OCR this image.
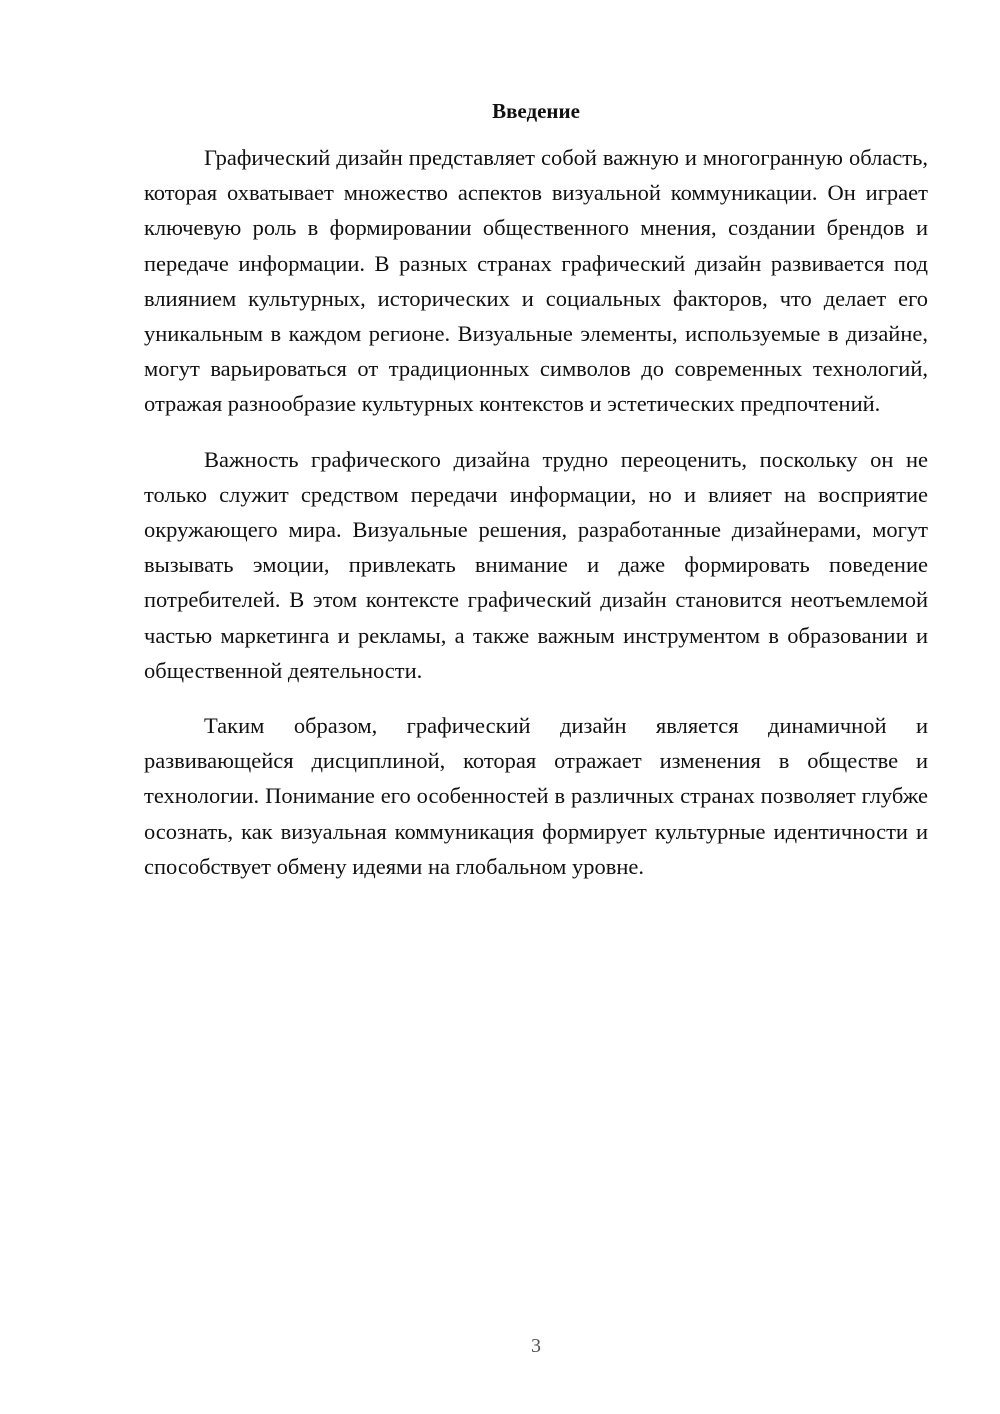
Введение

Графический дизайн представляет собой важную и многогранную область, которая охватывает множество аспектов визуальной коммуникации. Он играет ключевую роль в формировании общественного мнения, создании брендов и передаче информации. В разных странах графический дизайн развивается под влиянием культурных, исторических и социальных факторов, что делает его уникальным в каждом регионе. Визуальные элементы, используемые в дизайне, могут варьироваться от традиционных символов до современных технологий, отражая разнообразие культурных контекстов и эстетических предпочтений.

Важность графического дизайна трудно переоценить, поскольку он не только служит средством передачи информации, но и влияет на восприятие окружающего мира. Визуальные решения, разработанные дизайнерами, могут вызывать эмоции, привлекать внимание и даже формировать поведение потребителей. В этом контексте графический дизайн становится неотъемлемой частью маркетинга и рекламы, а также важным инструментом в образовании и общественной деятельности.

Таким образом, графический дизайн является динамичной и развивающейся дисциплиной, которая отражает изменения в обществе и технологии. Понимание его особенностей в различных странах позволяет глубже осознать, как визуальная коммуникация формирует культурные идентичности и способствует обмену идеями на глобальном уровне.

3
